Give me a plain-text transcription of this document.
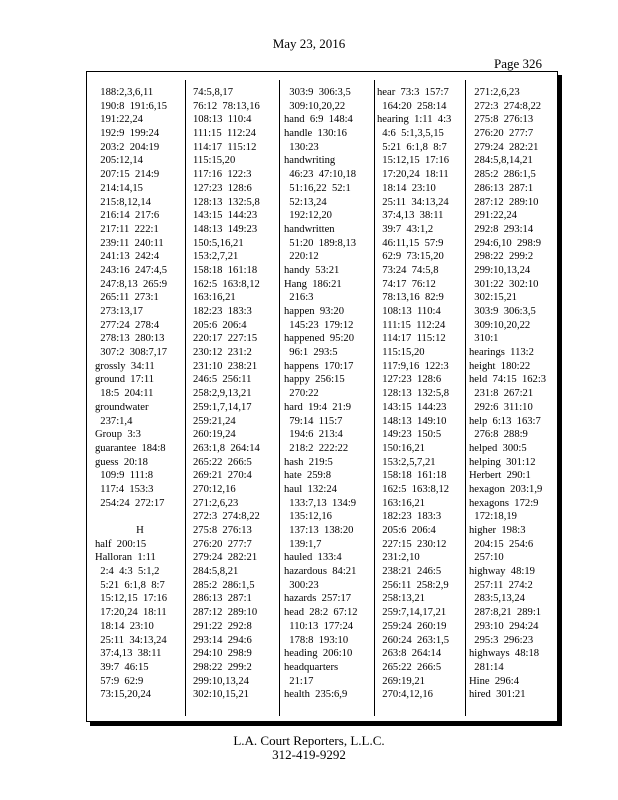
May 23, 2016
Page 326
188:2,3,6,11
190:8  191:6,15
191:22,24
192:9  199:24
203:2  204:19
205:12,14
207:15  214:9
214:14,15
215:8,12,14
216:14  217:6
217:11  222:1
239:11  240:11
241:13  242:4
243:16  247:4,5
247:8,13  265:9
265:11  273:1
273:13,17
277:24  278:4
278:13  280:13
307:2  308:7,17
grossly  34:11
ground  17:11
18:5  204:11
groundwater
237:1,4
Group  3:3
guarantee  184:8
guess  20:18
109:9  111:8
117:4  153:3
254:24  272:17
H
half  200:15
Halloran  1:11
2:4  4:3  5:1,2
5:21  6:1,8  8:7
15:12,15  17:16
17:20,24  18:11
18:14  23:10
25:11  34:13,24
37:4,13  38:11
39:7  46:15
57:9  62:9
73:15,20,24
74:5,8,17
76:12  78:13,16
108:13  110:4
111:15  112:24
114:17  115:12
115:15,20
117:16  122:3
127:23  128:6
128:13  132:5,8
143:15  144:23
148:13  149:23
150:5,16,21
153:2,7,21
158:18  161:18
162:5  163:8,12
163:16,21
182:23  183:3
205:6  206:4
220:17  227:15
230:12  231:2
231:10  238:21
246:5  256:11
258:2,9,13,21
259:1,7,14,17
259:21,24
260:19,24
263:1,8  264:14
265:22  266:5
269:21  270:4
270:12,16
271:2,6,23
272:3  274:8,22
275:8  276:13
276:20  277:7
279:24  282:21
284:5,8,21
285:2  286:1,5
286:13  287:1
287:12  289:10
291:22  292:8
293:14  294:6
294:10  298:9
298:22  299:2
299:10,13,24
302:10,15,21
303:9  306:3,5
309:10,20,22
hand  6:9  148:4
handle  130:16
130:23
handwriting
46:23  47:10,18
51:16,22  52:1
52:13,24
192:12,20
handwritten
51:20  189:8,13
220:12
handy  53:21
Hang  186:21
216:3
happen  93:20
145:23  179:12
happened  95:20
96:1  293:5
happens  170:17
happy  256:15
270:22
hard  19:4  21:9
79:14  115:7
194:6  213:4
218:2  222:22
hash  219:5
hate  259:8
haul  132:24
133:7,13  134:9
135:12,16
137:13  138:20
139:1,7
hauled  133:4
hazardous  84:21
300:23
hazards  257:17
head  28:2  67:12
110:13  177:24
178:8  193:10
heading  206:10
headquarters
21:17
health  235:6,9
hear  73:3  157:7
164:20  258:14
hearing  1:11  4:3
4:6  5:1,3,5,15
5:21  6:1,8  8:7
15:12,15  17:16
17:20,24  18:11
18:14  23:10
25:11  34:13,24
37:4,13  38:11
39:7  43:1,2
46:11,15  57:9
62:9  73:15,20
73:24  74:5,8
74:17  76:12
78:13,16  82:9
108:13  110:4
111:15  112:24
114:17  115:12
115:15,20
117:9,16  122:3
127:23  128:6
128:13  132:5,8
143:15  144:23
148:13  149:10
149:23  150:5
150:16,21
153:2,5,7,21
158:18  161:18
162:5  163:8,12
163:16,21
182:23  183:3
205:6  206:4
227:15  230:12
231:2,10
238:21  246:5
256:11  258:2,9
258:13,21
259:7,14,17,21
259:24  260:19
260:24  263:1,5
263:8  264:14
265:22  266:5
269:19,21
270:4,12,16
271:2,6,23
272:3  274:8,22
275:8  276:13
276:20  277:7
279:24  282:21
284:5,8,14,21
285:2  286:1,5
286:13  287:1
287:12  289:10
291:22,24
292:8  293:14
294:6,10  298:9
298:22  299:2
299:10,13,24
301:22  302:10
302:15,21
303:9  306:3,5
309:10,20,22
310:1
hearings  113:2
height  180:22
held  74:15  162:3
231:8  267:21
292:6  311:10
help  6:13  163:7
276:8  288:9
helped  300:5
helping  301:12
Herbert  290:1
hexagon  203:1,9
hexagons  172:9
172:18,19
higher  198:3
204:15  254:6
257:10
highway  48:19
257:11  274:2
283:5,13,24
287:8,21  289:1
293:10  294:24
295:3  296:23
highways  48:18
281:14
Hine  296:4
hired  301:21
L.A. Court Reporters, L.L.C.
312-419-9292
